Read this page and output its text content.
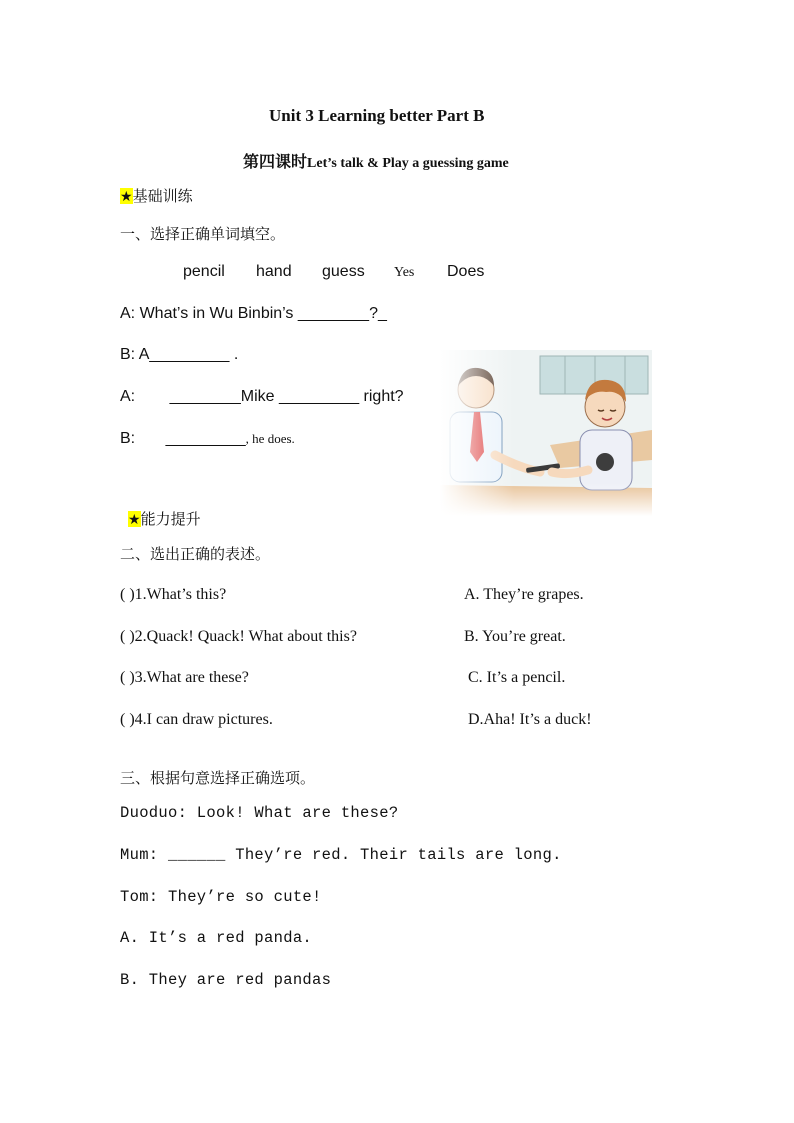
Unit 3 Learning better Part B
第四课时Let’s talk & Play a guessing game
★基础训练
一、选择正确单词填空。
pencil hand guess Yes Does
A: What’s in Wu Binbin’s ________?_
B: A_________ .
A: ________Mike _________ right?
B: _________, he does.
★能力提升
二、选出正确的表述。
( )1.What’s this?	A. They’re grapes.
( )2.Quack! Quack! What about this?	B. You’re great.
( )3.What are these?	C. It’s a pencil.
( )4.I can draw pictures.	D.Aha! It’s a duck!
三、根据句意选择正确选项。
Duoduo: Look! What are these?
Mum: ______ They’re red. Their tails are long.
Tom: They’re so cute!
A. It’s a red panda.
B. They are red pandas
